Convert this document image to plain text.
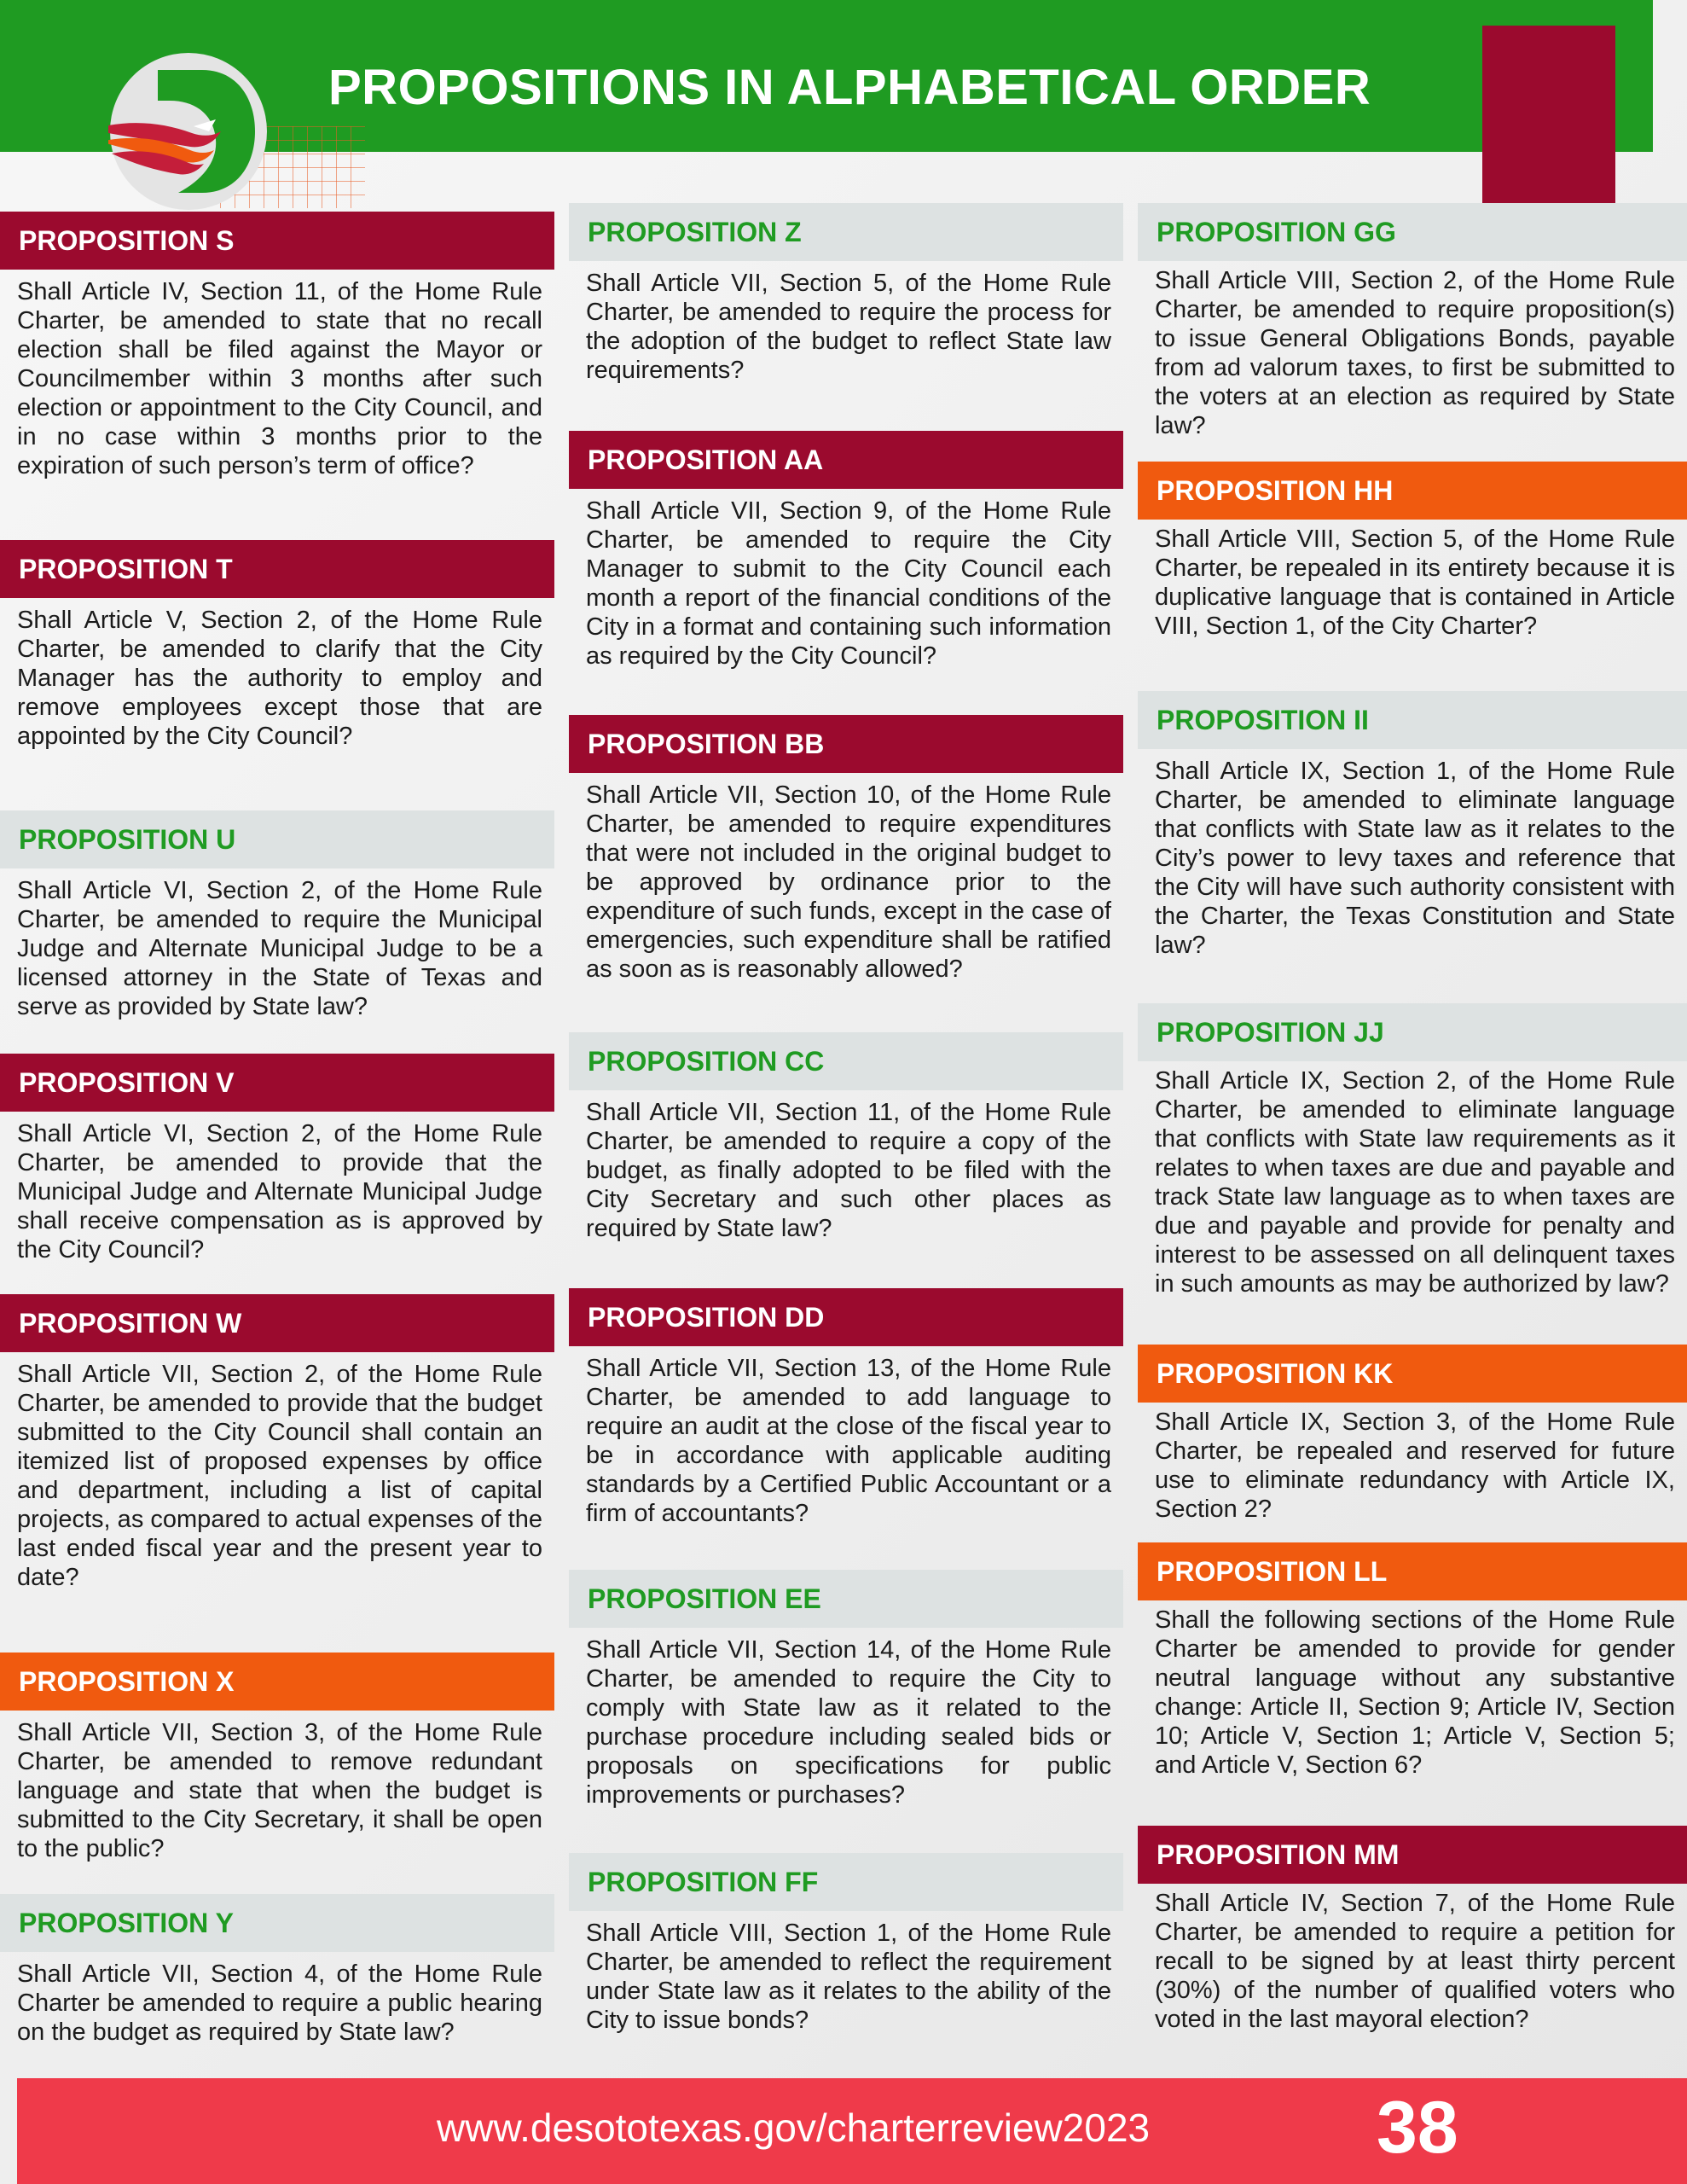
PROPOSITIONS IN ALPHABETICAL ORDER
PROPOSITION S
Shall Article IV, Section 11, of the Home Rule Charter, be amended to state that no recall election shall be filed against the Mayor or Councilmember within 3 months after such election or appointment to the City Council, and in no case within 3 months prior to the expiration of such person’s term of office?
PROPOSITION T
Shall Article V, Section 2, of the Home Rule Charter, be amended to clarify that the City Manager has the authority to employ and remove employees except those that are appointed by the City Council?
PROPOSITION U
Shall Article VI, Section 2, of the Home Rule Charter, be amended to require the Municipal Judge and Alternate Municipal Judge to be a licensed attorney in the State of Texas and serve as provided by State law?
PROPOSITION V
Shall Article VI, Section 2, of the Home Rule Charter, be amended to provide that the Municipal Judge and Alternate Municipal Judge shall receive compensation as is approved by the City Council?
PROPOSITION W
Shall Article VII, Section 2, of the Home Rule Charter, be amended to provide that the budget submitted to the City Council shall contain an itemized list of proposed expenses by office and department, including a list of capital projects, as compared to actual expenses of the last ended fiscal year and the present year to date?
PROPOSITION X
Shall Article VII, Section 3, of the Home Rule Charter, be amended to remove redundant language and state that when the budget is submitted to the City Secretary, it shall be open to the public?
PROPOSITION Y
Shall Article VII, Section 4, of the Home Rule Charter be amended to require a public hearing on the budget as required by State law?
PROPOSITION Z
Shall Article VII, Section 5, of the Home Rule Charter, be amended to require the process for the adoption of the budget to reflect State law requirements?
PROPOSITION AA
Shall Article VII, Section 9, of the Home Rule Charter, be amended to require the City Manager to submit to the City Council each month a report of the financial conditions of the City in a format and containing such information as required by the City Council?
PROPOSITION BB
Shall Article VII, Section 10, of the Home Rule Charter, be amended to require expenditures that were not included in the original budget to be approved by ordinance prior to the expenditure of such funds, except in the case of emergencies, such expenditure shall be ratified as soon as is reasonably allowed?
PROPOSITION CC
Shall Article VII, Section 11, of the Home Rule Charter, be amended to require a copy of the budget, as finally adopted to be filed with the City Secretary and such other places as required by State law?
PROPOSITION DD
Shall Article VII, Section 13, of the Home Rule Charter, be amended to add language to require an audit at the close of the fiscal year to be in accordance with applicable auditing standards by a Certified Public Accountant or a firm of accountants?
PROPOSITION EE
Shall Article VII, Section 14, of the Home Rule Charter, be amended to require the City to comply with State law as it related to the purchase procedure including sealed bids or proposals on specifications for public improvements or purchases?
PROPOSITION FF
Shall Article VIII, Section 1, of the Home Rule Charter, be amended to reflect the requirement under State law as it relates to the ability of the City to issue bonds?
PROPOSITION GG
Shall Article VIII, Section 2, of the Home Rule Charter, be amended to require proposition(s) to issue General Obligations Bonds, payable from ad valorum taxes, to first be submitted to the voters at an election as required by State law?
PROPOSITION HH
Shall Article VIII, Section 5, of the Home Rule Charter, be repealed in its entirety because it is duplicative language that is contained in Article VIII, Section 1, of the City Charter?
PROPOSITION II
Shall Article IX, Section 1, of the Home Rule Charter, be amended to eliminate language that conflicts with State law as it relates to the City’s power to levy taxes and reference that the City will have such authority consistent with the Charter, the Texas Constitution and State law?
PROPOSITION JJ
Shall Article IX, Section 2, of the Home Rule Charter, be amended to eliminate language that conflicts with State law requirements as it relates to when taxes are due and payable and track State law language as to when taxes are due and payable and provide for penalty and interest to be assessed on all delinquent taxes in such amounts as may be authorized by law?
PROPOSITION KK
Shall Article IX, Section 3, of the Home Rule Charter, be repealed and reserved for future use to eliminate redundancy with Article IX, Section 2?
PROPOSITION LL
Shall the following sections of the Home Rule Charter be amended to provide for gender neutral language without any substantive change: Article II, Section 9; Article IV, Section 10; Article V, Section 1; Article V, Section 5; and Article V, Section 6?
PROPOSITION MM
Shall Article IV, Section 7, of the Home Rule Charter, be amended to require a petition for recall to be signed by at least thirty percent (30%) of the number of qualified voters who voted in the last mayoral election?
www.desototexas.gov/charterreview2023	38
